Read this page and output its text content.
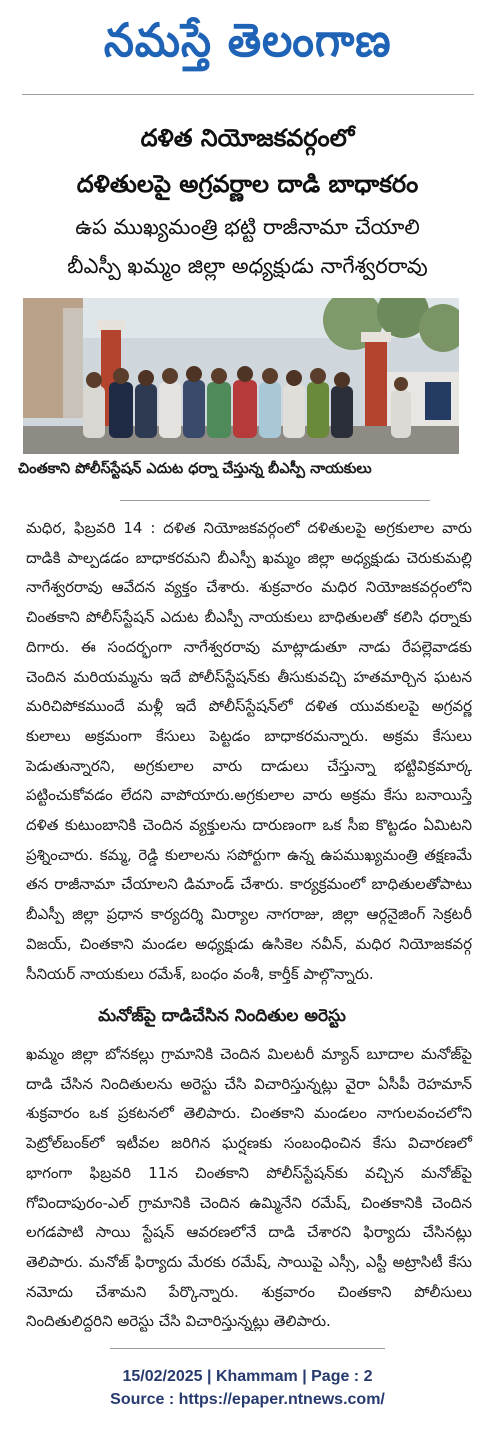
నమస్తే తెలంగాణ
దళిత నియోజకవర్గంలో
దళితులపై అగ్రవర్ణాల దాడి బాధాకరం
ఉప ముఖ్యమంత్రి భట్టి రాజీనామా చేయాలి
బీఎస్పీ ఖమ్మం జిల్లా అధ్యక్షుడు నాగేశ్వరరావు
చింతకాని పోలీస్‌స్టేషన్ ఎదుట ధర్నా చేస్తున్న బీఎస్పీ నాయకులు

మధిర, ఫిబ్రవరి 14 : దళిత నియోజకవర్గంలో దళితులపై అగ్రకులాల వారు దాడికి పాల్పడడం బాధాకరమని బీఎస్పీ ఖమ్మం జిల్లా అధ్యక్షుడు చెరుకుమల్లి నాగేశ్వరరావు ఆవేదన వ్యక్తం చేశారు. శుక్రవారం మధిర నియోజకవర్గంలోని చింతకాని పోలీస్‌స్టేషన్ ఎదుట బీఎస్పీ నాయకులు బాధితులతో కలిసి ధర్నాకు దిగారు. ఈ సందర్భంగా నాగేశ్వరరావు మాట్లాడుతూ నాడు రేపల్లెవాడకు చెందిన మరియమ్మను ఇదే పోలీస్‌స్టేషన్‌కు తీసుకువచ్చి హతమార్చిన ఘటన మరిచిపోకముందే మళ్లీ ఇదే పోలీస్‌స్టేషన్‌లో దళిత యువకులపై అగ్రవర్ణ కులాలు అక్రమంగా కేసులు పెట్టడం బాధాకరమన్నారు. అక్రమ కేసులు పెడుతున్నారని, అగ్రకులాల వారు దాడులు చేస్తున్నా భట్టివిక్రమార్క పట్టించుకోవడం లేదని వాపోయారు.అగ్రకులాల వారు అక్రమ కేసు బనాయిస్తే దళిత కుటుంబానికి చెందిన వ్యక్తులను దారుణంగా ఒక సీఐ కొట్టడం ఏమిటని ప్రశ్నించారు. కమ్మ, రెడ్డి కులాలను సపోర్టుగా ఉన్న ఉపముఖ్యమంత్రి తక్షణమే తన రాజీనామా చేయాలని డిమాండ్ చేశారు. కార్యక్రమంలో బాధితులతోపాటు బీఎస్పీ జిల్లా ప్రధాన కార్యదర్శి మిర్యాల నాగరాజు, జిల్లా ఆర్గనైజింగ్ సెక్రటరీ విజయ్, చింతకాని మండల అధ్యక్షుడు ఉసికెల నవీన్, మధిర నియోజకవర్గ సీనియర్ నాయకులు రమేశ్, బంధం వంశీ, కార్తీక్ పాల్గొన్నారు.

మనోజ్‌పై దాడిచేసిన నిందితుల అరెస్టు

ఖమ్మం జిల్లా బోనకల్లు గ్రామానికి చెందిన మిలటరీ మ్యాన్ బూదాల మనోజ్‌పై దాడి చేసిన నిందితులను అరెస్టు చేసి విచారిస్తున్నట్లు వైరా ఏసీపీ రెహమాన్ శుక్రవారం ఒక ప్రకటనలో తెలిపారు. చింతకాని మండలం నాగులవంచలోని పెట్రోల్‌బంక్‌లో ఇటీవల జరిగిన ఘర్షణకు సంబంధించిన కేసు విచారణలో భాగంగా ఫిబ్రవరి 11న చింతకాని పోలీస్‌స్టేషన్‌కు వచ్చిన మనోజ్‌పై గోవిందాపురం-ఎల్ గ్రామానికి చెందిన ఉమ్మినేని రమేష్, చింతకానికి చెందిన లగడపాటి సాయి స్టేషన్ ఆవరణలోనే దాడి చేశారని ఫిర్యాదు చేసినట్లు తెలిపారు. మనోజ్ ఫిర్యాదు మేరకు రమేష్, సాయిపై ఎస్సీ, ఎస్టీ అట్రాసిటీ కేసు నమోదు చేశామని పేర్కొన్నారు. శుక్రవారం చింతకాని పోలీసులు నిందితులిద్దరిని అరెస్టు చేసి విచారిస్తున్నట్లు తెలిపారు.

15/02/2025 | Khammam | Page : 2
Source : https://epaper.ntnews.com/
